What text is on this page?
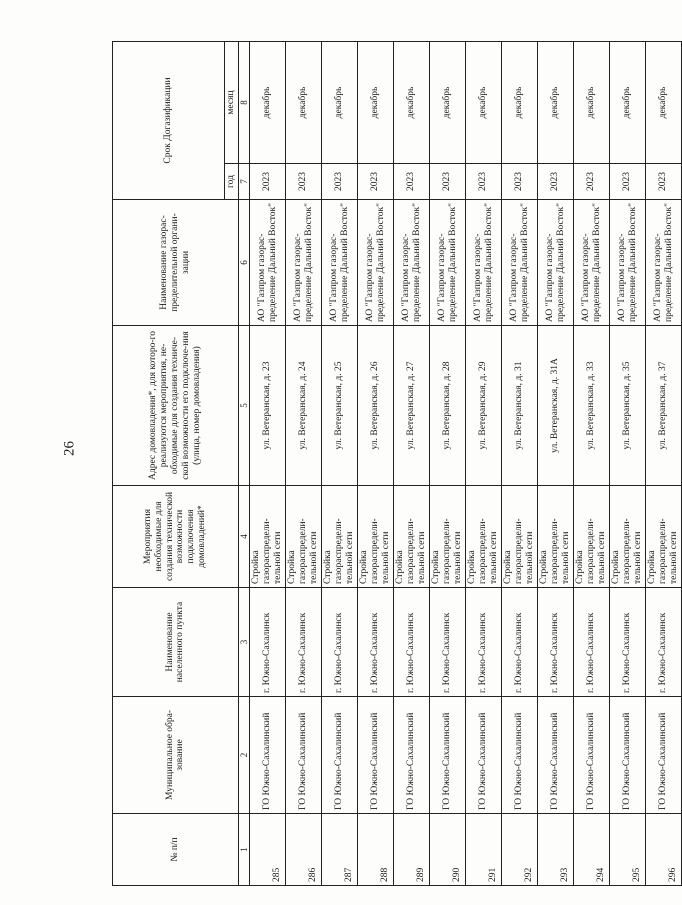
26
№ п/п	Муниципальное обра-зование	Наименование населенного пункта	Мероприятия необходимые для создания технической возможности подключения домовладений*	Адрес домовладения*, для которо-го реализуются мероприятия, не-обходимые для создания техниче-ской возможности его подключе-ния (улица, номер домовладения)	Наименование газорас-пределительной органи-зации	Срок Догазификации	
						год	месяц
1	2	3	4	5	6	7	8
285	ГО Южно-Сахалинский	г. Южно-Сахалинск	Стройка газораспредели-тельной сети	ул. Ветеранская, д. 23	АО "Газпром газорас-пределение Дальний Восток"	2023	декабрь
286	ГО Южно-Сахалинский	г. Южно-Сахалинск	Стройка газораспредели-тельной сети	ул. Ветеранская, д. 24	АО "Газпром газорас-пределение Дальний Восток"	2023	декабрь
287	ГО Южно-Сахалинский	г. Южно-Сахалинск	Стройка газораспредели-тельной сети	ул. Ветеранская, д. 25	АО "Газпром газорас-пределение Дальний Восток"	2023	декабрь
288	ГО Южно-Сахалинский	г. Южно-Сахалинск	Стройка газораспредели-тельной сети	ул. Ветеранская, д. 26	АО "Газпром газорас-пределение Дальний Восток"	2023	декабрь
289	ГО Южно-Сахалинский	г. Южно-Сахалинск	Стройка газораспредели-тельной сети	ул. Ветеранская, д. 27	АО "Газпром газорас-пределение Дальний Восток"	2023	декабрь
290	ГО Южно-Сахалинский	г. Южно-Сахалинск	Стройка газораспредели-тельной сети	ул. Ветеранская, д. 28	АО "Газпром газорас-пределение Дальний Восток"	2023	декабрь
291	ГО Южно-Сахалинский	г. Южно-Сахалинск	Стройка газораспредели-тельной сети	ул. Ветеранская, д. 29	АО "Газпром газорас-пределение Дальний Восток"	2023	декабрь
292	ГО Южно-Сахалинский	г. Южно-Сахалинск	Стройка газораспредели-тельной сети	ул. Ветеранская, д. 31	АО "Газпром газорас-пределение Дальний Восток"	2023	декабрь
293	ГО Южно-Сахалинский	г. Южно-Сахалинск	Стройка газораспредели-тельной сети	ул. Ветеранская, д. 31А	АО "Газпром газорас-пределение Дальний Восток"	2023	декабрь
294	ГО Южно-Сахалинский	г. Южно-Сахалинск	Стройка газораспредели-тельной сети	ул. Ветеранская, д. 33	АО "Газпром газорас-пределение Дальний Восток"	2023	декабрь
295	ГО Южно-Сахалинский	г. Южно-Сахалинск	Стройка газораспредели-тельной сети	ул. Ветеранская, д. 35	АО "Газпром газорас-пределение Дальний Восток"	2023	декабрь
296	ГО Южно-Сахалинский	г. Южно-Сахалинск	Стройка газораспредели-тельной сети	ул. Ветеранская, д. 37	АО "Газпром газорас-пределение Дальний Восток"	2023	декабрь
